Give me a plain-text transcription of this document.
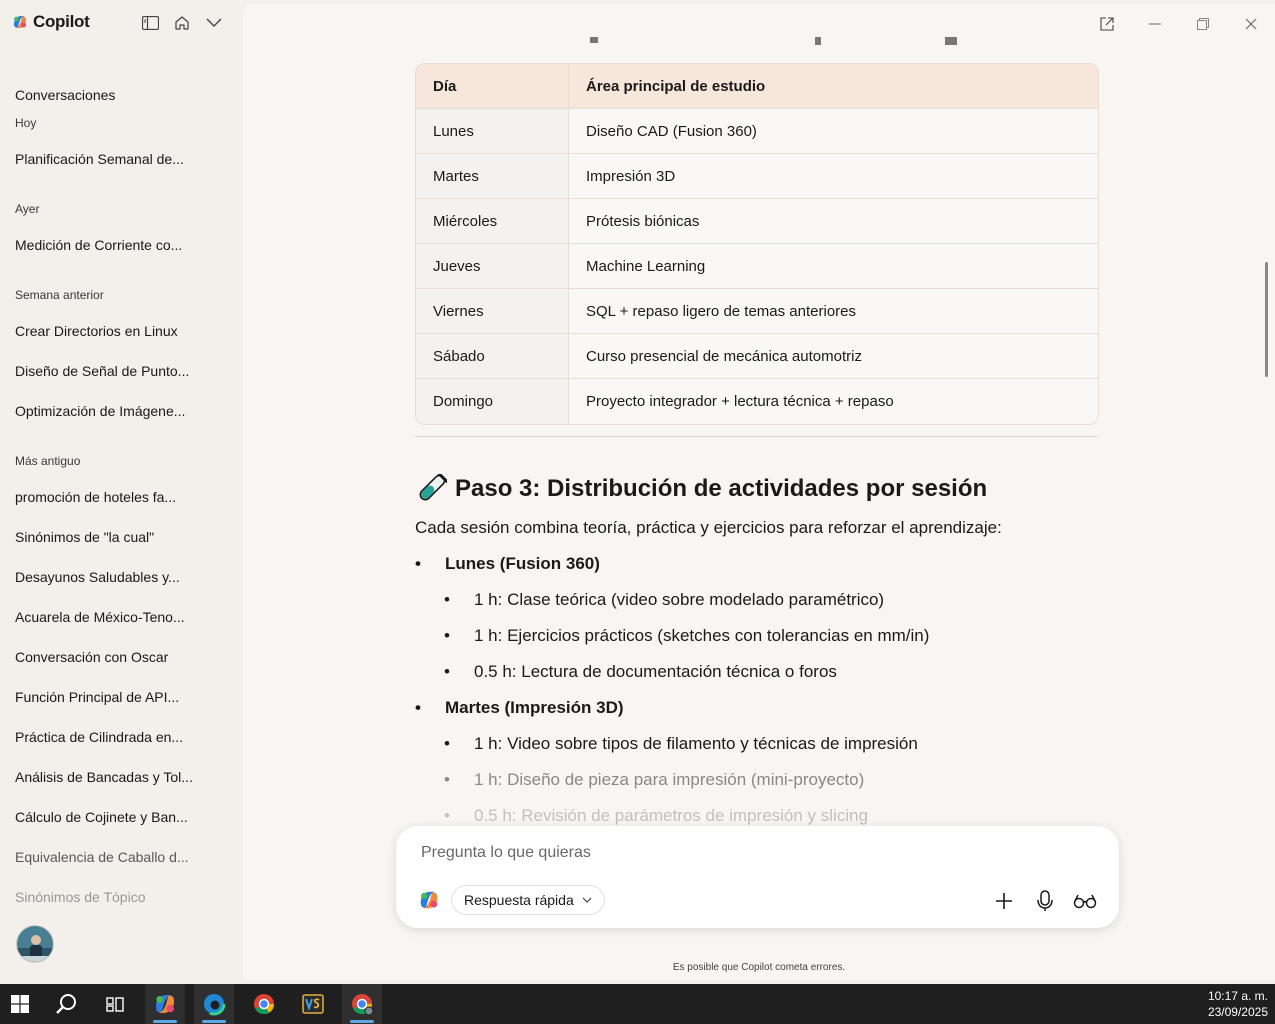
Copilot
Conversaciones
Hoy
Planificación Semanal de...
Ayer
Medición de Corriente co...
Semana anterior
Crear Directorios en Linux
Diseño de Señal de Punto...
Optimización de Imágene...
Más antiguo
promoción de hoteles fa...
Sinónimos de "la cual"
Desayunos Saludables y...
Acuarela de México-Teno...
Conversación con Oscar
Función Principal de API...
Práctica de Cilindrada en...
Análisis de Bancadas y Tol...
Cálculo de Cojinete y Ban...
Equivalencia de Caballo d...
Sinónimos de Tópico
Día	Área principal de estudio
Lunes	Diseño CAD (Fusion 360)
Martes	Impresión 3D
Miércoles	Prótesis biónicas
Jueves	Machine Learning
Viernes	SQL + repaso ligero de temas anteriores
Sábado	Curso presencial de mecánica automotriz
Domingo	Proyecto integrador + lectura técnica + repaso
Paso 3: Distribución de actividades por sesión
Cada sesión combina teoría, práctica y ejercicios para reforzar el aprendizaje:
• Lunes (Fusion 360)
• 1 h: Clase teórica (video sobre modelado paramétrico)
• 1 h: Ejercicios prácticos (sketches con tolerancias en mm/in)
• 0.5 h: Lectura de documentación técnica o foros
• Martes (Impresión 3D)
• 1 h: Video sobre tipos de filamento y técnicas de impresión
• 1 h: Diseño de pieza para impresión (mini-proyecto)
• 0.5 h: Revisión de parámetros de impresión y slicing
Pregunta lo que quieras
Respuesta rápida
Es posible que Copilot cometa errores.
10:17 a. m.
23/09/2025
